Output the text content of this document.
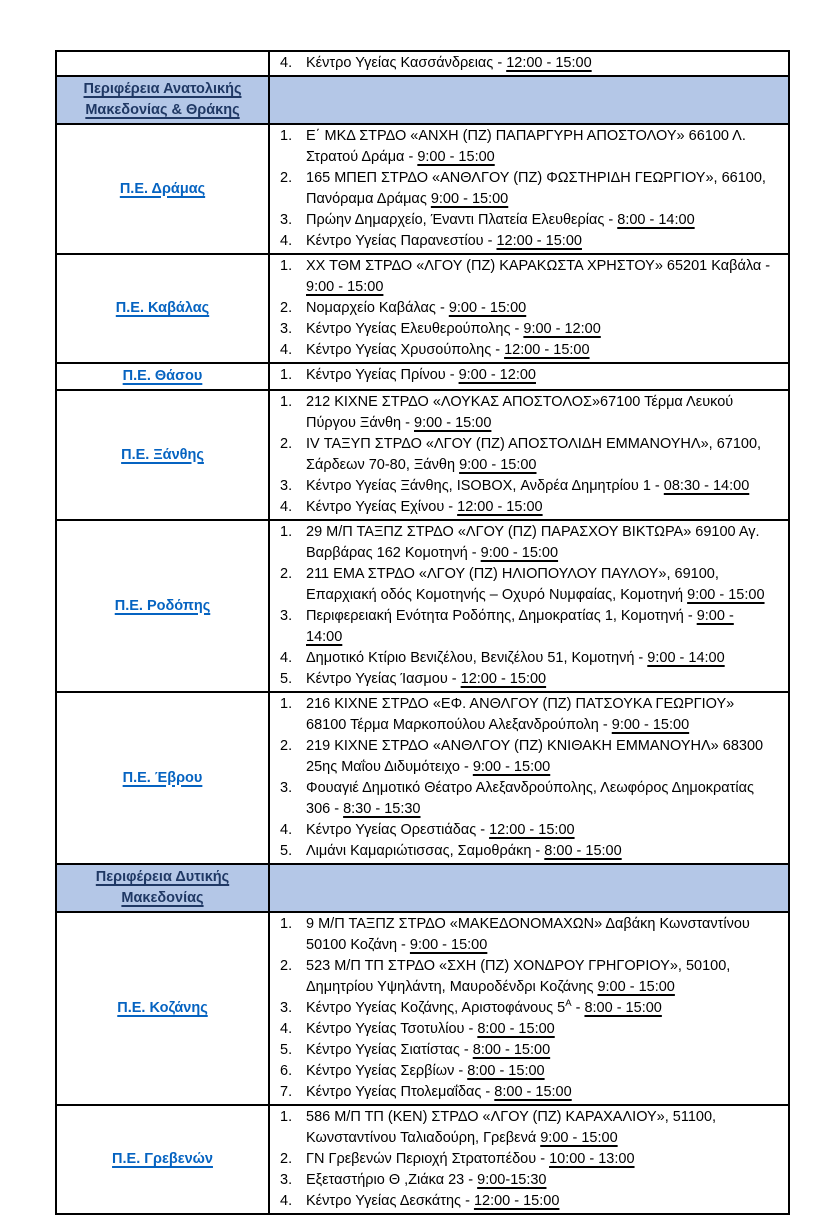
	4. Κέντρο Υγείας Κασσάνδρειας - 12:00 - 15:00

Περιφέρεια Ανατολικής Μακεδονίας & Θράκης	
Π.Ε. Δράμας	
1. Ε΄ ΜΚΔ ΣΤΡΔΟ «ΑΝΧΗ (ΠΖ) ΠΑΠΑΡΓΥΡΗ ΑΠΟΣΤΟΛΟΥ» 66100 Λ. Στρατού Δράμα - 9:00 - 15:00
2. 165 ΜΠΕΠ ΣΤΡΔΟ «ΑΝΘΛΓΟΥ (ΠΖ) ΦΩΣΤΗΡΙΔΗ ΓΕΩΡΓΙΟΥ», 66100, Πανόραμα Δράμας 9:00 - 15:00
3. Πρώην Δημαρχείο, Έναντι Πλατεία Ελευθερίας - 8:00 - 14:00
4. Κέντρο Υγείας Παρανεστίου - 12:00 - 15:00

Π.Ε. Καβάλας	
1. ΧΧ ΤΘΜ ΣΤΡΔΟ «ΛΓΟΥ (ΠΖ) ΚΑΡΑΚΩΣΤΑ ΧΡΗΣΤΟΥ» 65201 Καβάλα - 9:00 - 15:00
2. Νομαρχείο Καβάλας - 9:00 - 15:00
3. Κέντρο Υγείας Ελευθερούπολης - 9:00 - 12:00
4. Κέντρο Υγείας Χρυσούπολης - 12:00 - 15:00

Π.Ε. Θάσου	1. Κέντρο Υγείας Πρίνου - 9:00 - 12:00

Π.Ε. Ξάνθης	
1. 212 ΚΙΧΝΕ ΣΤΡΔΟ «ΛΟΥΚΑΣ ΑΠΟΣΤΟΛΟΣ»67100 Τέρμα Λευκού Πύργου Ξάνθη - 9:00 - 15:00
2. IV ΤΑΞΥΠ ΣΤΡΔΟ «ΛΓΟΥ (ΠΖ) ΑΠΟΣΤΟΛΙΔΗ ΕΜΜΑΝΟΥΗΛ», 67100, Σάρδεων 70-80, Ξάνθη 9:00 - 15:00
3. Κέντρο Υγείας Ξάνθης, ISOBOX, Ανδρέα Δημητρίου 1 - 08:30 - 14:00
4. Κέντρο Υγείας Εχίνου - 12:00 - 15:00

Π.Ε. Ροδόπης	
1. 29 Μ/Π ΤΑΞΠΖ ΣΤΡΔΟ «ΛΓΟΥ (ΠΖ) ΠΑΡΑΣΧΟΥ ΒΙΚΤΩΡΑ» 69100 Αγ. Βαρβάρας 162 Κομοτηνή - 9:00 - 15:00
2. 211 ΕΜΑ ΣΤΡΔΟ «ΛΓΟΥ (ΠΖ) ΗΛΙΟΠΟΥΛΟΥ ΠΑΥΛΟΥ», 69100, Επαρχιακή οδός Κομοτηνής – Οχυρό Νυμφαίας, Κομοτηνή 9:00 - 15:00
3. Περιφερειακή Ενότητα Ροδόπης, Δημοκρατίας 1, Κομοτηνή - 9:00 - 14:00
4. Δημοτικό Κτίριο Βενιζέλου, Βενιζέλου 51, Κομοτηνή - 9:00 - 14:00
5. Κέντρο Υγείας Ίασμου - 12:00 - 15:00

Π.Ε. Έβρου	
1. 216 ΚΙΧΝΕ ΣΤΡΔΟ «ΕΦ. ΑΝΘΛΓΟΥ (ΠΖ) ΠΑΤΣΟΥΚΑ ΓΕΩΡΓΙΟΥ» 68100 Τέρμα Μαρκοπούλου Αλεξανδρούπολη - 9:00 - 15:00
2. 219 ΚΙΧΝΕ ΣΤΡΔΟ «ΑΝΘΛΓΟΥ (ΠΖ) ΚΝΙΘΑΚΗ ΕΜΜΑΝΟΥΗΛ» 68300 25ης Μαΐου Διδυμότειχο - 9:00 - 15:00
3. Φουαγιέ Δημοτικό Θέατρο Αλεξανδρούπολης, Λεωφόρος Δημοκρατίας 306 - 8:30 - 15:30
4. Κέντρο Υγείας Ορεστιάδας - 12:00 - 15:00
5. Λιμάνι Καμαριώτισσας, Σαμοθράκη - 8:00 - 15:00

Περιφέρεια Δυτικής Μακεδονίας	
Π.Ε. Κοζάνης	
1. 9 Μ/Π ΤΑΞΠΖ ΣΤΡΔΟ «ΜΑΚΕΔΟΝΟΜΑΧΩΝ» Δαβάκη Κωνσταντίνου 50100 Κοζάνη - 9:00 - 15:00
2. 523 Μ/Π ΤΠ ΣΤΡΔΟ «ΣΧΗ (ΠΖ) ΧΟΝΔΡΟΥ ΓΡΗΓΟΡΙΟΥ», 50100, Δημητρίου Υψηλάντη, Μαυροδένδρι Κοζάνης 9:00 - 15:00
3. Κέντρο Υγείας Κοζάνης, Αριστοφάνους $5^A$ - 8:00 - 15:00
4. Κέντρο Υγείας Τσοτυλίου - 8:00 - 15:00
5. Κέντρο Υγείας Σιατίστας - 8:00 - 15:00
6. Κέντρο Υγείας Σερβίων - 8:00 - 15:00
7. Κέντρο Υγείας Πτολεμαΐδας - 8:00 - 15:00

Π.Ε. Γρεβενών	
1. 586 Μ/Π ΤΠ (ΚΕΝ) ΣΤΡΔΟ «ΛΓΟΥ (ΠΖ) ΚΑΡΑΧΑΛΙΟΥ», 51100, Κωνσταντίνου Ταλιαδούρη, Γρεβενά 9:00 - 15:00
2. ΓΝ Γρεβενών Περιοχή Στρατοπέδου - 10:00 - 13:00
3. Εξεταστήριο Θ ,Ζιάκα 23 - 9:00-15:30
4. Κέντρο Υγείας Δεσκάτης - 12:00 - 15:00
